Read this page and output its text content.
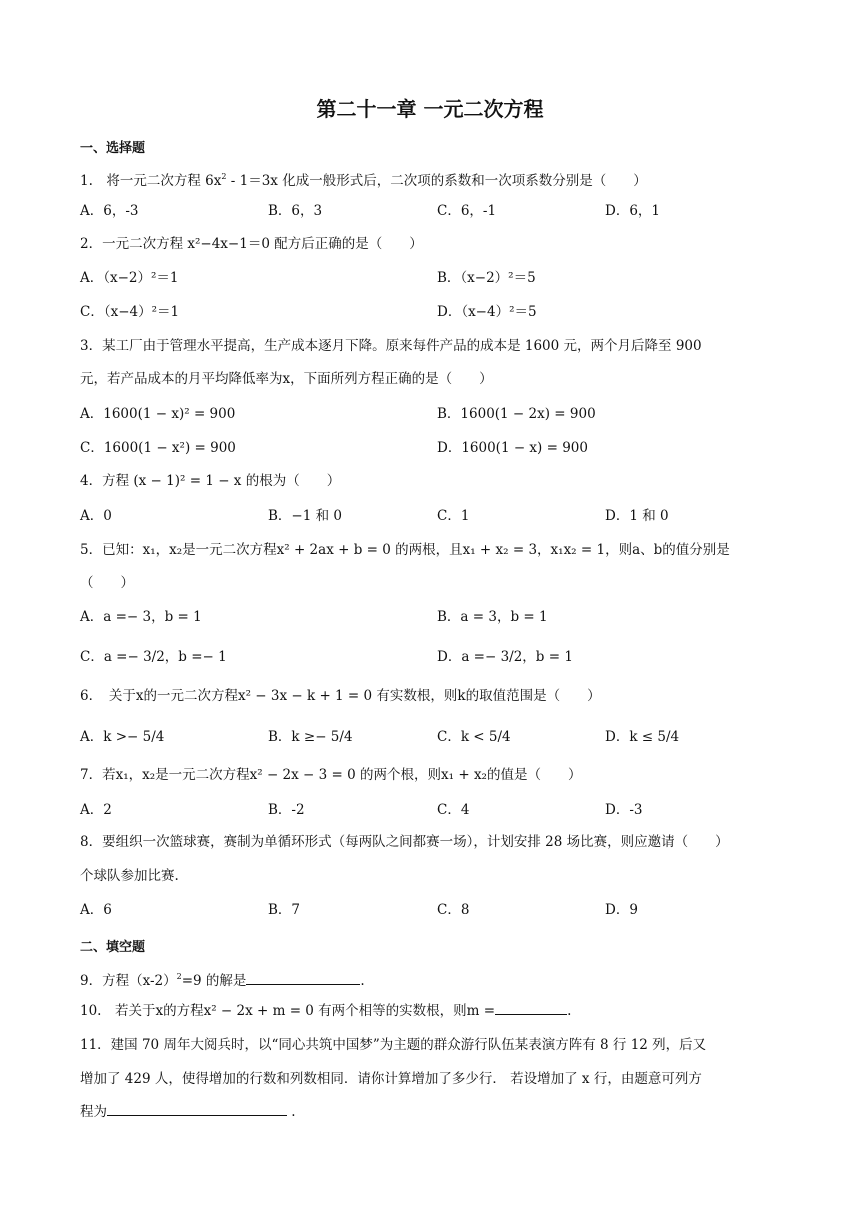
第二十一章 一元二次方程
一、选择题
1.　将一元二次方程 $6x^2 - 1=3x$ 化成一般形式后，二次项的系数和一次项系数分别是（　　）
A．6，-3	B．6，3	C．6，-1	D．6，1
2．一元二次方程 x²−4x−1＝0 配方后正确的是（　　）
A．（x−2）²＝1	B．（x−2）²＝5
C．（x−4）²＝1	D．（x−4）²＝5
3．某工厂由于管理水平提高，生产成本逐月下降。原来每件产品的成本是 1600 元，两个月后降至 900
元，若产品成本的月平均降低率为x，下面所列方程正确的是（　　）
A．1600(1 − x)² = 900	B．1600(1 − 2x) = 900
C．1600(1 − x²) = 900	D．1600(1 − x) = 900
4．方程 (x − 1)² = 1 − x 的根为（　　）
A．0	B．−1 和 0	C．1	D．1 和 0
5．已知：x₁，x₂是一元二次方程x² + 2ax + b = 0 的两根，且x₁ + x₂ = 3，x₁x₂ = 1，则a、b的值分别是
（　　）
A．a =− 3，b = 1	B．a = 3，b = 1
C．a =− 3/2，b =− 1	D．a =− 3/2，b = 1
6．　关于x的一元二次方程x² − 3x − k + 1 = 0 有实数根，则k的取值范围是（　　）
A．k >− 5/4	B．k ≥− 5/4	C．k < 5/4	D．k ≤ 5/4
7．若x₁，x₂是一元二次方程x² − 2x − 3 = 0 的两个根，则x₁ + x₂的值是（　　）
A．2	B．-2	C．4	D．-3
8．要组织一次篮球赛，赛制为单循环形式（每两队之间都赛一场），计划安排 28 场比赛，则应邀请（　　）
个球队参加比赛.
A．6	B．7	C．8	D．9
二、填空题
9．方程$(x-2)^2=9$ 的解是	.
10.　若关于x的方程x² − 2x + m = 0 有两个相等的实数根，则m =	.
11．建国 70 周年大阅兵时，以“同心共筑中国梦”为主题的群众游行队伍某表演方阵有 8 行 12 列，后又
增加了 429 人，使得增加的行数和列数相同．请你计算增加了多少行． 若设增加了 x 行，由题意可列方
程为	.
